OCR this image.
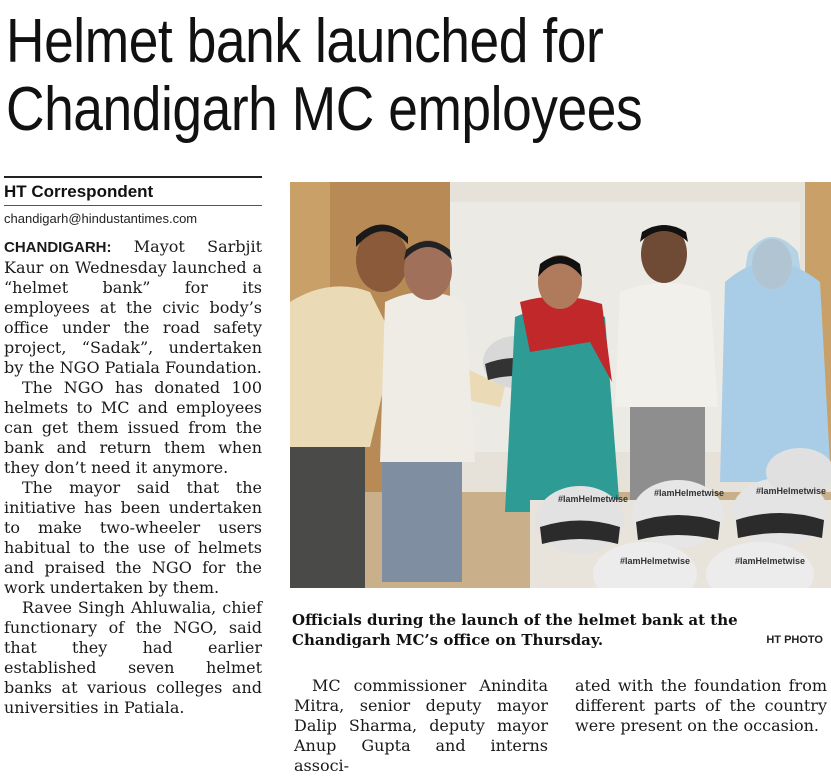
Helmet bank launched for
Chandigarh MC employees
HT Correspondent
chandigarh@hindustantimes.com

CHANDIGARH: Mayot Sarbjit Kaur on Wednesday launched a “helmet bank” for its employees at the civic body’s office under the road safety project, “Sadak”, undertaken by the NGO Patiala Foundation.

The NGO has donated 100 helmets to MC and employees can get them issued from the bank and return them when they don’t need it anymore.

The mayor said that the initiative has been undertaken to make two-wheeler users habitual to the use of helmets and praised the NGO for the work undertaken by them.

Ravee Singh Ahluwalia, chief functionary of the NGO, said that they had earlier established seven helmet banks at various colleges and universities in Patiala.

#IamHelmetwise
#IamHelmetwise	#IamHelmetwise
#IamHelmetwise	#IamHelmetwise
Officials during the launch of the helmet bank at the Chandigarh MC’s office on Thursday.	HT PHOTO

MC commissioner Anindita Mitra, senior deputy mayor Dalip Sharma, deputy mayor Anup Gupta and interns associ-

ated with the foundation from different parts of the country were present on the occasion.
